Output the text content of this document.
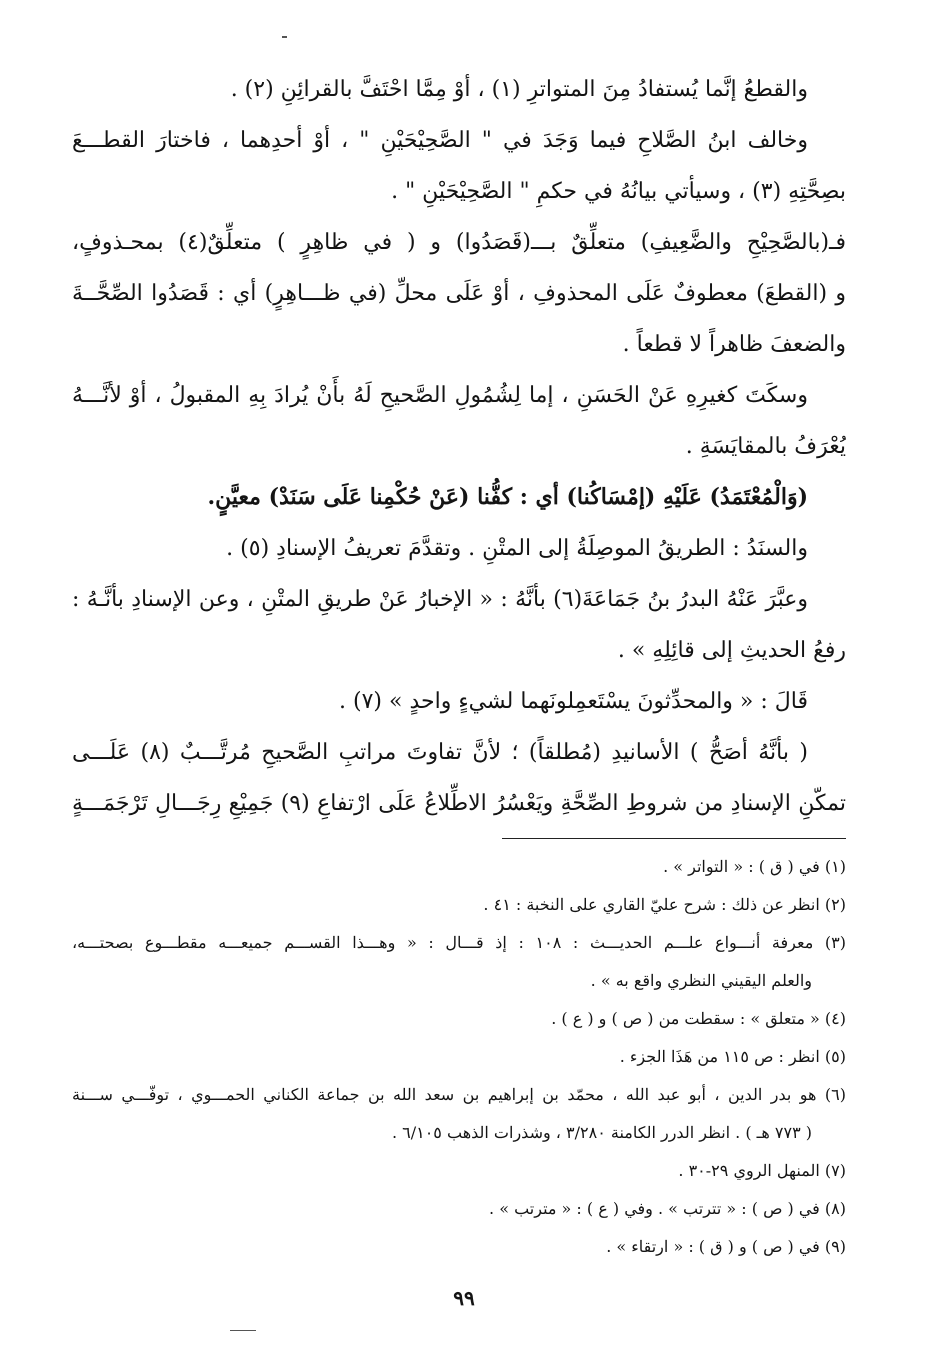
والقطعُ إنَّما يُستفادُ مِنَ المتواترِ (١) ، أوْ مِمَّا احْتَفَّ بالقرائِنِ (٢) .
وخالف ابنُ الصَّلاحِ فيما وَجَدَ في " الصَّحِيْحَيْنِ " ، أوْ أحدِهما ، فاختارَ القطـــعَ
بصِحَّتِهِ (٣) ، وسيأتي بيانُهُ في حكمِ " الصَّحِيْحَيْنِ " .
فـ(بالصَّحِيْحِ والضَّعِيفِ) متعلِّقٌ بـــ(قَصَدُوا) و ( في ظاهِرٍ ) متعلِّقٌ(٤) بمحـذوفٍ،
و (القطعَ) معطوفٌ عَلَى المحذوفِ ، أوْ عَلَى محلِّ (في ظـــاهِرٍ) أي : قَصَدُوا الصِّحَّــةَ
والضعفَ ظاهراً لا قطعاً .
وسكَتَ كغيرِهِ عَنْ الحَسَنِ ، إما لِشُمُولِ الصَّحيحِ لَهُ بأَنْ يُرادَ بِهِ المقبولُ ، أوْ لأنَّـــهُ
يُعْرَفُ بالمقايَسَةِ .
(وَالْمُعْتَمَدُ) عَلَيْهِ (إمْسَاكُنا) أي : كفُّنا (عَنْ حُكْمِنا عَلَى سَنَدْ) معيَّنٍ.
والسنَدُ : الطريقُ الموصِلَةُ إلى المتْنِ . وتقدَّمَ تعريفُ الإسنادِ (٥) .
وعبَّرَ عَنْهُ البدرُ بنُ جَمَاعَةَ(٦) بأنَّهُ : « الإخبارُ عَنْ طريقِ المتْنِ ، وعن الإسنادِ بأنَّـهُ :
رفعُ الحديثِ إلى قائِلِهِ » .
قَالَ : « والمحدِّثونَ يسْتَعمِلونَهما لشيءٍ واحدٍ » (٧) .
( بأنَّهُ أصَحُّ ) الأسانيدِ (مُطلقاً) ؛ لأنَّ تفاوتَ مراتبِ الصَّحيحِ مُرتَّـــبٌ (٨) عَلَـــى
تمكّنِ الإسنادِ من شروطِ الصِّحَّةِ ويَعْسُرُ الاطِّلاعُ عَلَى ارْتفاعِ (٩) جَمِيْعِ رِجَـــالِ تَرْجَمَـــةٍ
(١) في ( ق ) : « التواتر » .
(٢) انظر عن ذلك : شرح عليّ القاري على النخبة : ٤١ .
(٣) معرفة أنـــواع علـــم الحديـــث : ١٠٨ : إذ قـــال : « وهـــذا القســـم جميعـــه مقطـــوع بصحتـــه،
والعلم اليقيني النظري واقع به » .
(٤) « متعلق » : سقطت من ( ص ) و ( ع ) .
(٥) انظر : ص ١١٥ من هَذَا الجزء .
(٦) هو بدر الدين ، أبو عبد الله ، محمّد بن إبراهيم بن سعد الله بن جماعة الكناني الحمـــوي ، توفّـــي ســـنة
( ٧٧٣ هـ ) . انظر الدرر الكامنة ٣/٢٨٠ ، وشذرات الذهب ٦/١٠٥ .
(٧) المنهل الروي ٢٩-٣٠ .
(٨) في ( ص ) : « تترتب » . وفي ( ع ) : « مترتب » .
(٩) في ( ص ) و ( ق ) : « ارتقاء » .
٩٩
